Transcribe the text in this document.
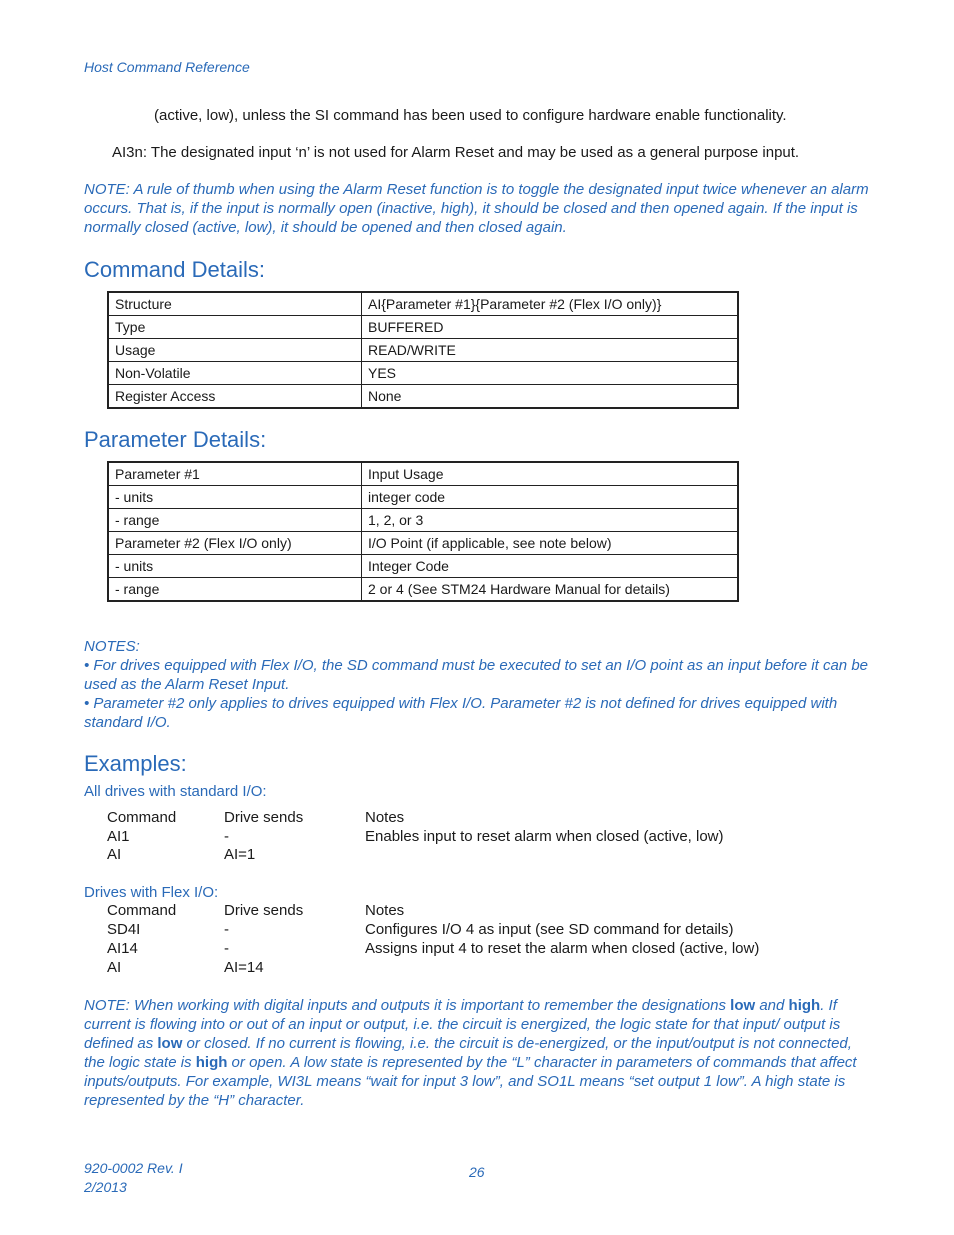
Host Command Reference
(active, low), unless the SI command has been used to configure hardware enable functionality.
AI3n: The designated input ‘n’ is not used for Alarm Reset and may be used as a general purpose input.
NOTE: A rule of thumb when using the Alarm Reset function is to toggle the designated input twice whenever an alarm occurs. That is, if the input is normally open (inactive, high), it should be closed and then opened again. If the input is normally closed (active, low), it should be opened and then closed again.
Command Details:
Structure	AI{Parameter #1}{Parameter #2 (Flex I/O only)}
Type	BUFFERED
Usage	READ/WRITE
Non-Volatile	YES
Register Access	None
Parameter Details:
Parameter #1	Input Usage
- units	integer code
- range	1, 2, or 3
Parameter #2 (Flex I/O only)	I/O Point (if applicable, see note below)
- units	Integer Code
- range	2 or 4 (See STM24 Hardware Manual for details)
NOTES:
• For drives equipped with Flex I/O, the SD command must be executed to set an I/O point as an input before it can be used as the Alarm Reset Input.
• Parameter #2 only applies to drives equipped with Flex I/O. Parameter #2 is not defined for drives equipped with standard I/O.
Examples:
All drives with standard I/O:
Command	Drive sends	Notes
AI1	-	Enables input to reset alarm when closed (active, low)
AI	AI=1
Drives with Flex I/O:
Command	Drive sends	Notes
SD4I	-	Configures I/O 4 as input (see SD command for details)
AI14	-	Assigns input 4 to reset the alarm when closed (active, low)
AI	AI=14
NOTE: When working with digital inputs and outputs it is important to remember the designations low and high. If current is flowing into or out of an input or output, i.e. the circuit is energized, the logic state for that input/ output is defined as low or closed. If no current is flowing, i.e. the circuit is de-energized, or the input/output is not connected, the logic state is high or open. A low state is represented by the “L” character in parameters of commands that affect inputs/outputs. For example, WI3L means “wait for input 3 low”, and SO1L means “set output 1 low”. A high state is represented by the “H” character.
920-0002 Rev. I
2/2013
26
